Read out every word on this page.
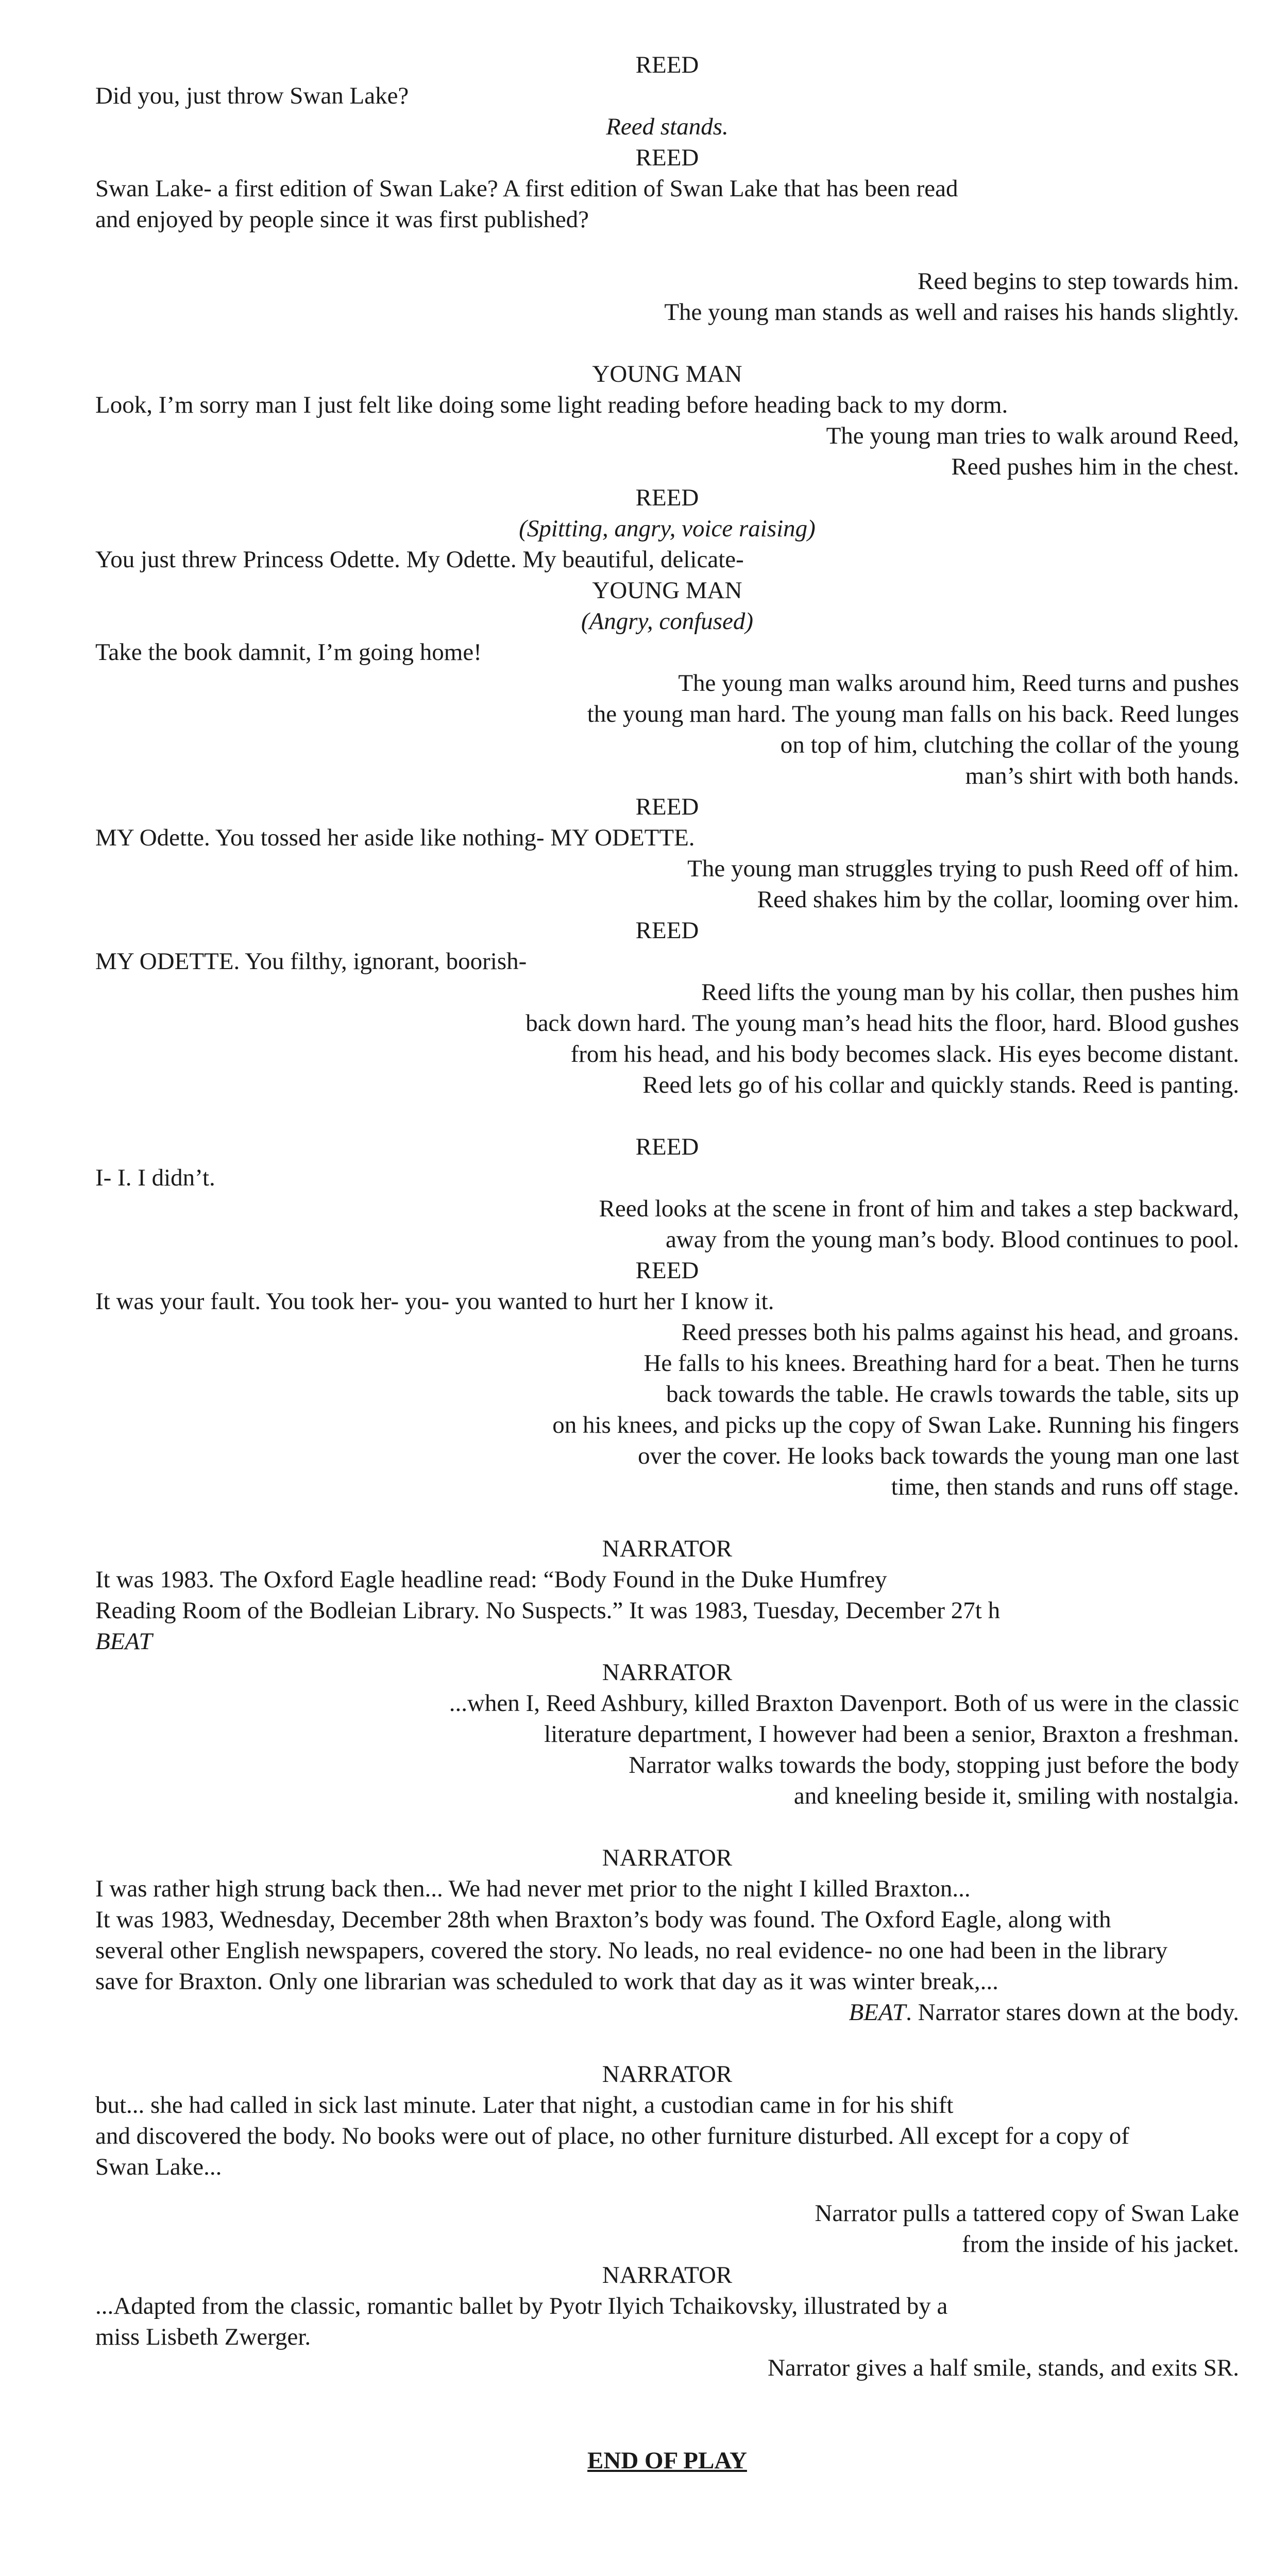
REED

Did you, just throw Swan Lake?

Reed stands.

REED

Swan Lake- a first edition of Swan Lake? A first edition of Swan Lake that has been read

and enjoyed by people since it was first published?

Reed begins to step towards him.

The young man stands as well and raises his hands slightly.

YOUNG MAN

Look, I’m sorry man I just felt like doing some light reading before heading back to my dorm.

The young man tries to walk around Reed,

Reed pushes him in the chest.

REED

(Spitting, angry, voice raising)

You just threw Princess Odette. My Odette. My beautiful, delicate-

YOUNG MAN

(Angry, confused)

Take the book damnit, I’m going home!

The young man walks around him, Reed turns and pushes

the young man hard. The young man falls on his back. Reed lunges

on top of him, clutching the collar of the young

man’s shirt with both hands.

REED

MY Odette. You tossed her aside like nothing- MY ODETTE.

The young man struggles trying to push Reed off of him.

Reed shakes him by the collar, looming over him.

REED

MY ODETTE. You filthy, ignorant, boorish-

Reed lifts the young man by his collar, then pushes him

back down hard. The young man’s head hits the floor, hard. Blood gushes

from his head, and his body becomes slack. His eyes become distant.

Reed lets go of his collar and quickly stands. Reed is panting.

REED

I- I. I didn’t.

Reed looks at the scene in front of him and takes a step backward,

away from the young man’s body. Blood continues to pool.

REED

It was your fault. You took her- you- you wanted to hurt her I know it.

Reed presses both his palms against his head, and groans.

He falls to his knees. Breathing hard for a beat. Then he turns

back towards the table. He crawls towards the table, sits up

on his knees, and picks up the copy of Swan Lake. Running his fingers

over the cover. He looks back towards the young man one last

time, then stands and runs off stage.

NARRATOR

It was 1983. The Oxford Eagle headline read: “Body Found in the Duke Humfrey

Reading Room of the Bodleian Library. No Suspects.” It was 1983, Tuesday, December 27t h

BEAT

NARRATOR

...when I, Reed Ashbury, killed Braxton Davenport. Both of us were in the classic

literature department, I however had been a senior, Braxton a freshman.

Narrator walks towards the body, stopping just before the body

and kneeling beside it, smiling with nostalgia.

NARRATOR

I was rather high strung back then... We had never met prior to the night I killed Braxton...

It was 1983, Wednesday, December 28th when Braxton’s body was found. The Oxford Eagle, along with

several other English newspapers, covered the story. No leads, no real evidence- no one had been in the library

save for Braxton. Only one librarian was scheduled to work that day as it was winter break,...

BEAT. Narrator stares down at the body.

NARRATOR

but... she had called in sick last minute. Later that night, a custodian came in for his shift

and discovered the body. No books were out of place, no other furniture disturbed. All except for a copy of

Swan Lake...

Narrator pulls a tattered copy of Swan Lake

from the inside of his jacket.

NARRATOR

...Adapted from the classic, romantic ballet by Pyotr Ilyich Tchaikovsky, illustrated by a

miss Lisbeth Zwerger.

Narrator gives a half smile, stands, and exits SR.

END OF PLAY
